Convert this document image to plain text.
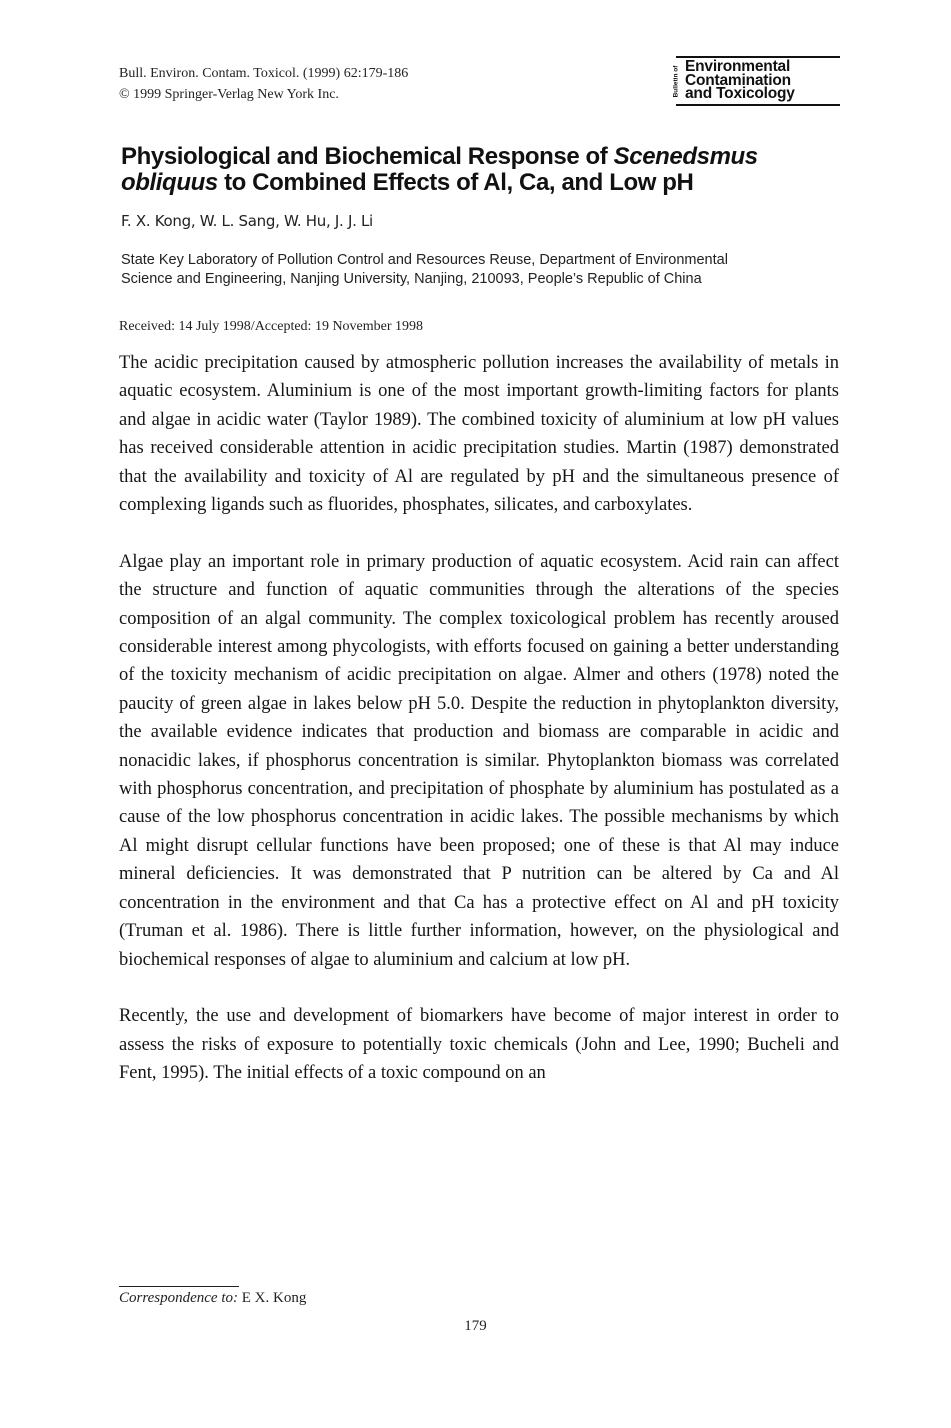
Bull. Environ. Contam. Toxicol. (1999) 62:179-186
© 1999 Springer-Verlag New York Inc.	Bulletin of Environmental
Contamination
and Toxicology
Physiological and Biochemical Response of Scenedsmus obliquus to Combined Effects of Al, Ca, and Low pH
F. X. Kong, W. L. Sang, W. Hu, J. J. Li
State Key Laboratory of Pollution Control and Resources Reuse, Department of Environmental Science and Engineering, Nanjing University, Nanjing, 210093, People’s Republic of China
Received: 14 July 1998/Accepted: 19 November 1998

The acidic precipitation caused by atmospheric pollution increases the availability of metals in aquatic ecosystem. Aluminium is one of the most important growth-limiting factors for plants and algae in acidic water (Taylor 1989). The combined toxicity of aluminium at low pH values has received considerable attention in acidic precipitation studies. Martin (1987) demonstrated that the availability and toxicity of Al are regulated by pH and the simultaneous presence of complexing ligands such as fluorides, phosphates, silicates, and carboxylates.

Algae play an important role in primary production of aquatic ecosystem. Acid rain can affect the structure and function of aquatic communities through the alterations of the species composition of an algal community. The complex toxicological problem has recently aroused considerable interest among phycologists, with efforts focused on gaining a better understanding of the toxicity mechanism of acidic precipitation on algae. Almer and others (1978) noted the paucity of green algae in lakes below pH 5.0. Despite the reduction in phytoplankton diversity, the available evidence indicates that production and biomass are comparable in acidic and nonacidic lakes, if phosphorus concentration is similar. Phytoplankton biomass was correlated with phosphorus concentration, and precipitation of phosphate by aluminium has postulated as a cause of the low phosphorus concentration in acidic lakes. The possible mechanisms by which Al might disrupt cellular functions have been proposed; one of these is that Al may induce mineral deficiencies. It was demonstrated that P nutrition can be altered by Ca and Al concentration in the environment and that Ca has a protective effect on Al and pH toxicity (Truman et al. 1986). There is little further information, however, on the physiological and biochemical responses of algae to aluminium and calcium at low pH.

Recently, the use and development of biomarkers have become of major interest in order to assess the risks of exposure to potentially toxic chemicals (John and Lee, 1990; Bucheli and Fent, 1995). The initial effects of a toxic compound on an

Correspondence to: E X. Kong
179
